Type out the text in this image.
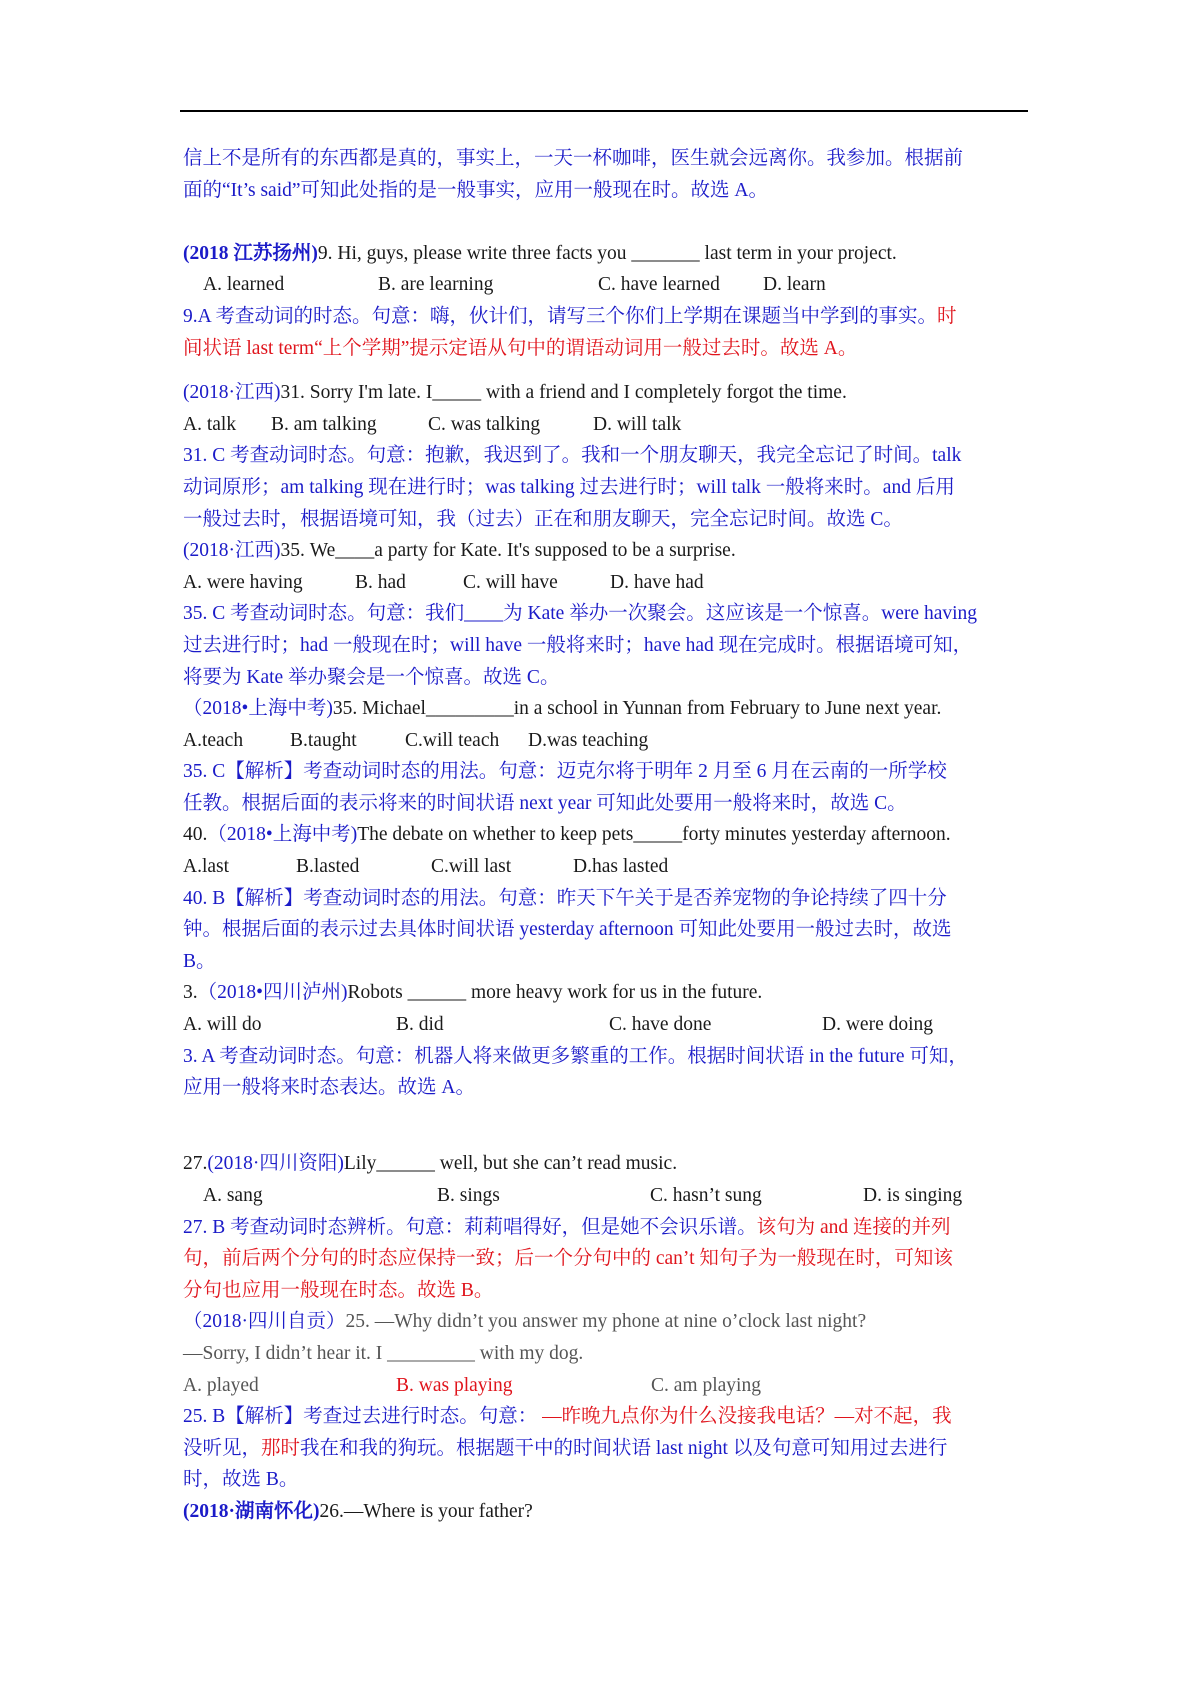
信上不是所有的东西都是真的，事实上，一天一杯咖啡，医生就会远离你。我参加。根据前
面的“It’s said”可知此处指的是一般事实，应用一般现在时。故选 A。
(2018 江苏扬州)9. Hi, guys, please write three facts you _______ last term in your project.
A. learned	B. are learning	C. have learned D. learn
9.A 考查动词的时态。句意：嗨，伙计们，请写三个你们上学期在课题当中学到的事实。时
间状语 last term“上个学期”提示定语从句中的谓语动词用一般过去时。故选 A。
(2018·江西)31. Sorry I'm late. I_____ with a friend and I completely forgot the time.
A. talk B. am talking	C. was talking	D. will talk
31. C 考查动词时态。句意：抱歉，我迟到了。我和一个朋友聊天，我完全忘记了时间。talk
动词原形；am talking 现在进行时；was talking 过去进行时；will talk 一般将来时。and 后用
一般过去时，根据语境可知，我（过去）正在和朋友聊天，完全忘记时间。故选 C。
(2018·江西)35. We____a party for Kate. It's supposed to be a surprise.
A. were having	B. had	C. will have	D. have had
35. C 考查动词时态。句意：我们____为 Kate 举办一次聚会。这应该是一个惊喜。were having
过去进行时；had 一般现在时；will have 一般将来时；have had 现在完成时。根据语境可知，
将要为 Kate 举办聚会是一个惊喜。故选 C。
（2018•上海中考)35. Michael_________in a school in Yunnan from February to June next year.
A.teach B.taught C.will teach D.was teaching
35. C【解析】考查动词时态的用法。句意：迈克尔将于明年 2 月至 6 月在云南的一所学校
任教。根据后面的表示将来的时间状语 next year 可知此处要用一般将来时，故选 C。
40.（2018•上海中考)The debate on whether to keep pets_____forty minutes yesterday afternoon.
A.last	B.lasted	C.will last	D.has lasted
40. B【解析】考查动词时态的用法。句意：昨天下午关于是否养宠物的争论持续了四十分
钟。根据后面的表示过去具体时间状语 yesterday afternoon 可知此处要用一般过去时，故选
B。
3.（2018•四川泸州)Robots ______ more heavy work for us in the future.
A. will do	B. did	C. have done	D. were doing
3. A 考查动词时态。句意：机器人将来做更多繁重的工作。根据时间状语 in the future 可知，
应用一般将来时态表达。故选 A。
27.(2018·四川资阳)Lily______ well, but she can’t read music.
A. sang	B. sings	C. hasn’t sung	D. is singing
27. B 考查动词时态辨析。句意：莉莉唱得好，但是她不会识乐谱。该句为 and 连接的并列
句，前后两个分句的时态应保持一致；后一个分句中的 can’t 知句子为一般现在时，可知该
分句也应用一般现在时态。故选 B。
（2018·四川自贡）25. —Why didn’t you answer my phone at nine o’clock last night?
—Sorry, I didn’t hear it. I _________ with my dog.
A. played	B. was playing	C. am playing
25. B【解析】考查过去进行时态。句意： —昨晚九点你为什么没接我电话？—对不起，我
没听见，那时我在和我的狗玩。根据题干中的时间状语 last night 以及句意可知用过去进行
时，故选 B。
(2018·湖南怀化)26.—Where is your father?
